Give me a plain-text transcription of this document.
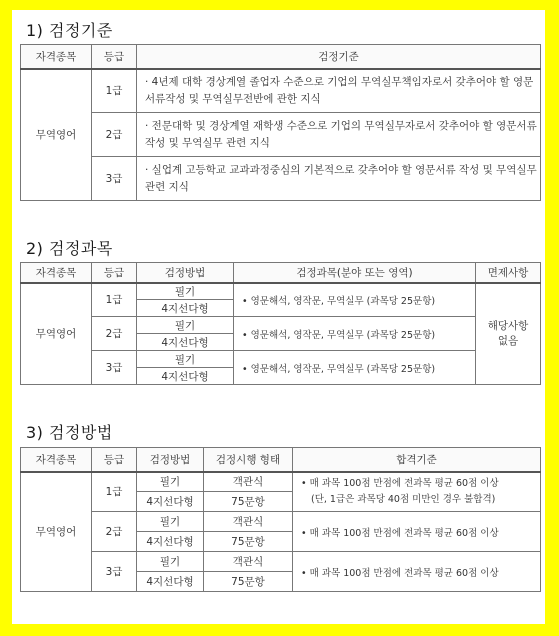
1) 검정기준
자격종목	등급	검정기준
무역영어	1급	· 4년제 대학 경상계열 졸업자 수준으로 기업의 무역실무책임자로서 갖추어야 할 영문서류작성 및 무역실무전반에 관한 지식
	2급	· 전문대학 및 경상계열 재학생 수준으로 기업의 무역실무자로서 갖추어야 할 영문서류 작성 및 무역실무 관련 지식
	3급	· 실업계 고등학교 교과과정중심의 기본적으로 갖추어야 할 영문서류 작성 및 무역실무관련 지식
2) 검정과목
자격종목	등급	검정방법	검정과목(분야 또는 영역)	면제사항
무역영어	1급	필기	• 영문해석, 영작문, 무역실무 (과목당 25문항)	해당사항
없음
		4지선다형		
	2급	필기	• 영문해석, 영작문, 무역실무 (과목당 25문항)	
		4지선다형		
	3급	필기	• 영문해석, 영작문, 무역실무 (과목당 25문항)	
		4지선다형		
3) 검정방법
자격종목	등급	검정방법	검정시행 형태	합격기준
무역영어	1급	필기	객관식	• 매 과목 100점 만점에 전과목 평균 60점 이상
(단, 1급은 과목당 40점 미만인 경우 불합격)

		4지선다형	75문항	
	2급	필기	객관식	• 매 과목 100점 만점에 전과목 평균 60점 이상
		4지선다형	75문항	
	3급	필기	객관식	• 매 과목 100점 만점에 전과목 평균 60점 이상
		4지선다형	75문항	
